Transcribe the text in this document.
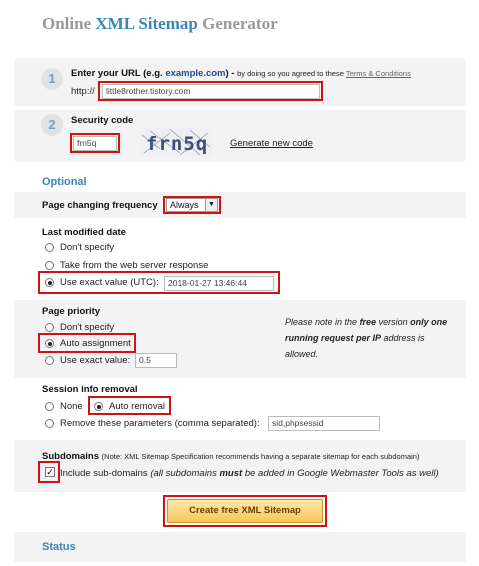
Online XML Sitemap Generator
1	Enter your URL (e.g. example.com) - by doing so you agreed to these Terms & Conditions
http://	little8rother.tistory.com
2	Security code
frn5q	frn5q Generate new code
Optional
Page changing frequency	Always	▼
Last modified date
Don't specify
Take from the web server response
Use exact value (UTC):	2018-01-27 13:46:44
Page priority
Don't specify
Auto assignment
Use exact value:	0.5
Please note in the free version only one running request per IP address is allowed.
Session info removal
None	Auto removal
Remove these parameters (comma separated):	sid,phpsessid
Subdomains (Note: XML Sitemap Specification recommends having a separate sitemap for each subdomain)
✓ Include sub-domains (all subdomains must be added in Google Webmaster Tools as well)
Create free XML Sitemap
Status
